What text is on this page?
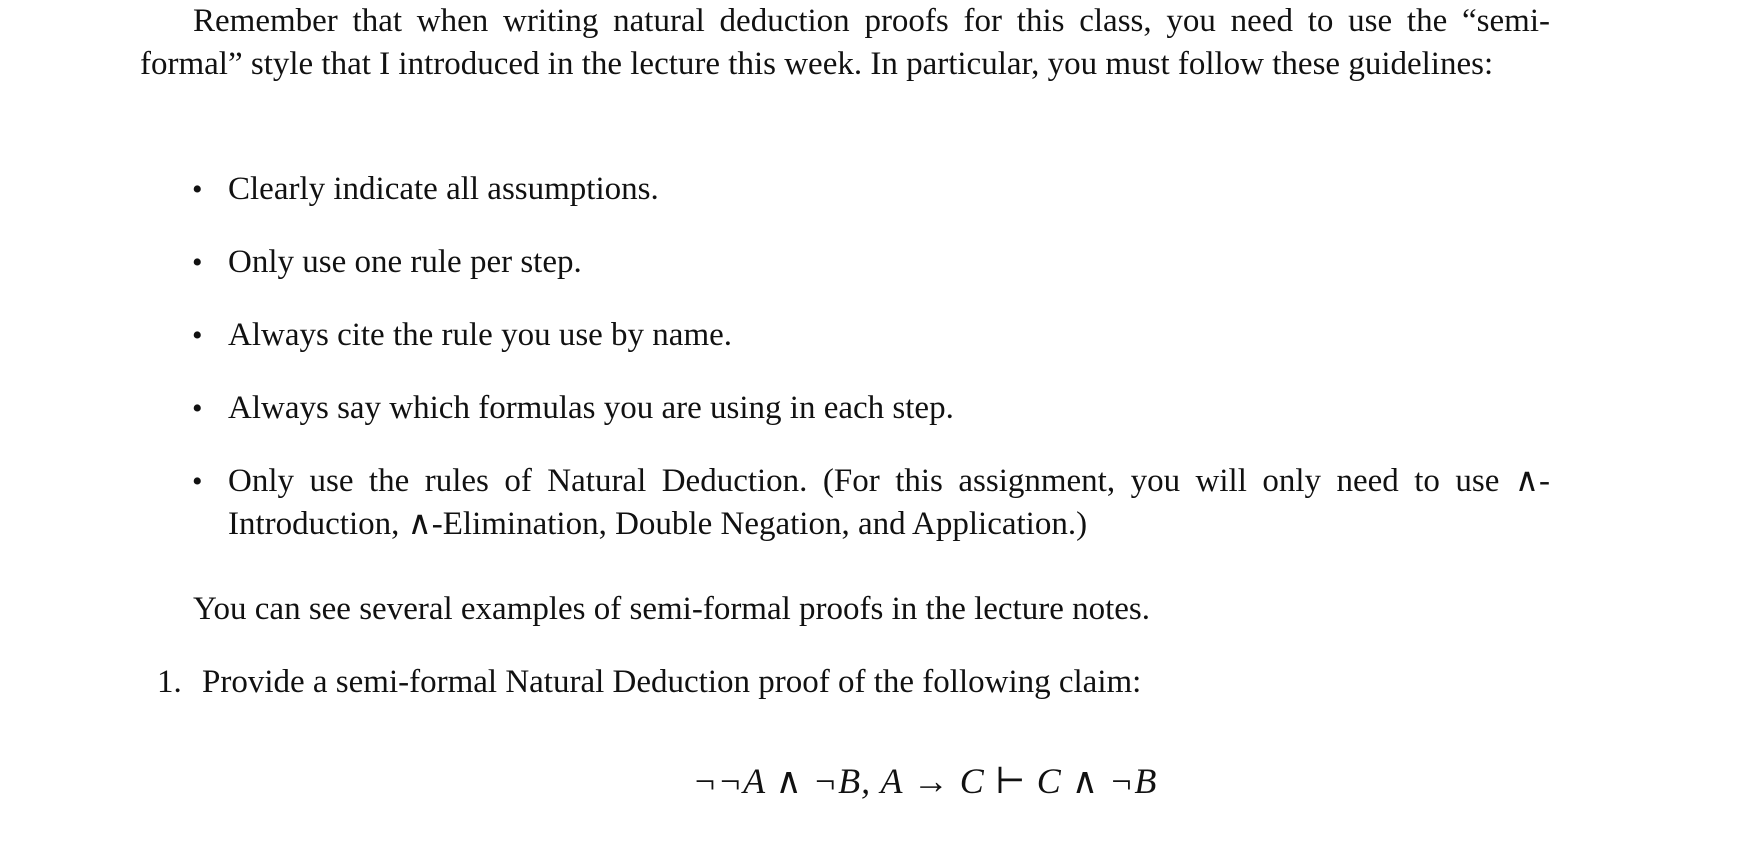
Remember that when writing natural deduction proofs for this class, you need to use the “semi-formal” style that I introduced in the lecture this week. In particular, you must follow these guidelines:

• Clearly indicate all assumptions.
• Only use one rule per step.
• Always cite the rule you use by name.
• Always say which formulas you are using in each step.
• Only use the rules of Natural Deduction. (For this assignment, you will only need to use ∧-Introduction, ∧-Elimination, Double Negation, and Application.)

You can see several examples of semi-formal proofs in the lecture notes.

1. Provide a semi-formal Natural Deduction proof of the following claim:
¬¬A ∧ ¬B, A → C ⊢ C ∧ ¬B
